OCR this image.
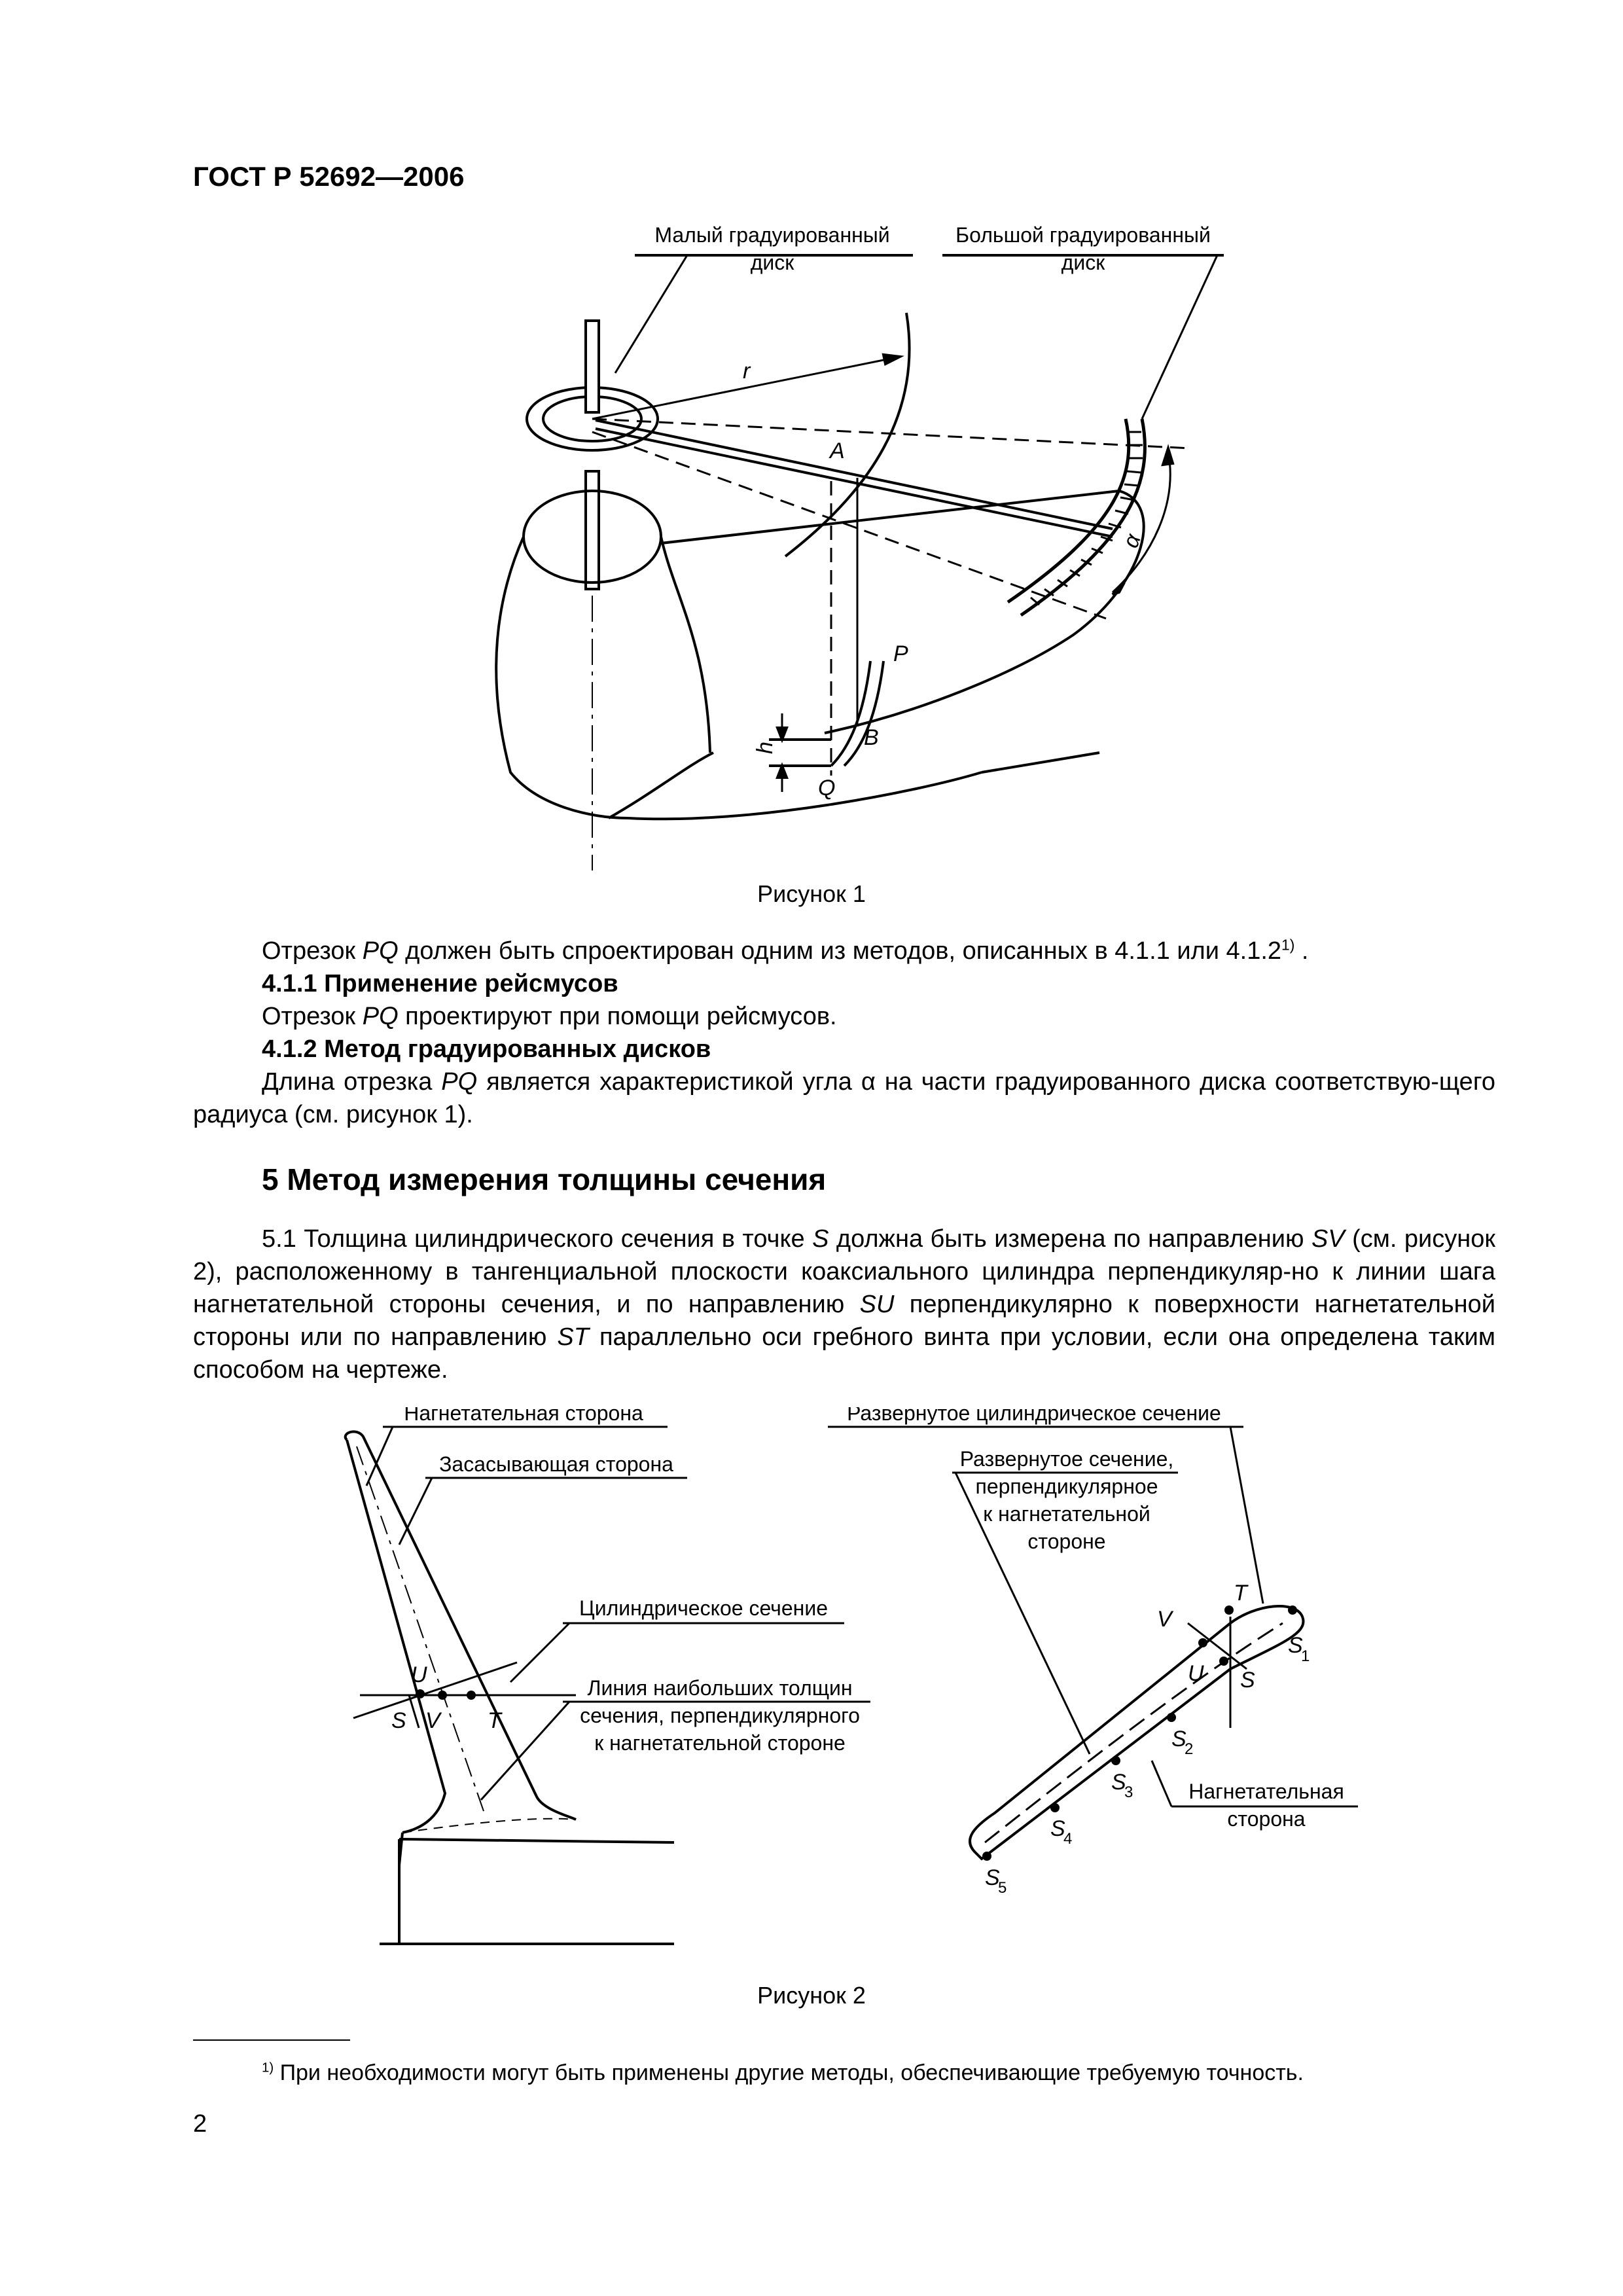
ГОСТ Р 52692—2006
Малый градуированный
диск
Большой градуированный
диск
r
A
α
P
B
Q
h
Рисунок 1
Отрезок PQ должен быть спроектирован одним из методов, описанных в 4.1.1 или 4.1.2$^{1)}$ .
4.1.1 Применение рейсмусов
Отрезок PQ проектируют при помощи рейсмусов.
4.1.2 Метод градуированных дисков
Длина отрезка PQ является характеристикой угла α на части градуированного диска соответствую-щего радиуса (см. рисунок 1).
5 Метод измерения толщины сечения
5.1 Толщина цилиндрического сечения в точке S должна быть измерена по направлению SV (см. рисунок 2), расположенному в тангенциальной плоскости коаксиального цилиндра перпендикуляр-но к линии шага нагнетательной стороны сечения, и по направлению SU перпендикулярно к поверхности нагнетательной стороны или по направлению ST параллельно оси гребного винта при условии, если она определена таким способом на чертеже.
Нагнетательная сторона
Засасывающая сторона
Цилиндрическое сечение
Линия наибольших толщин
сечения, перпендикулярного
к нагнетательной стороне
Развернутое цилиндрическое сечение
Развернутое сечение,
перпендикулярное
к нагнетательной
стороне
Нагнетательная
сторона
U
S V T
V
T
U S
S
1
S
2
S
3
S
4
S
5
Рисунок 2
$^{1)}$ При необходимости могут быть применены другие методы, обеспечивающие требуемую точность.
2
